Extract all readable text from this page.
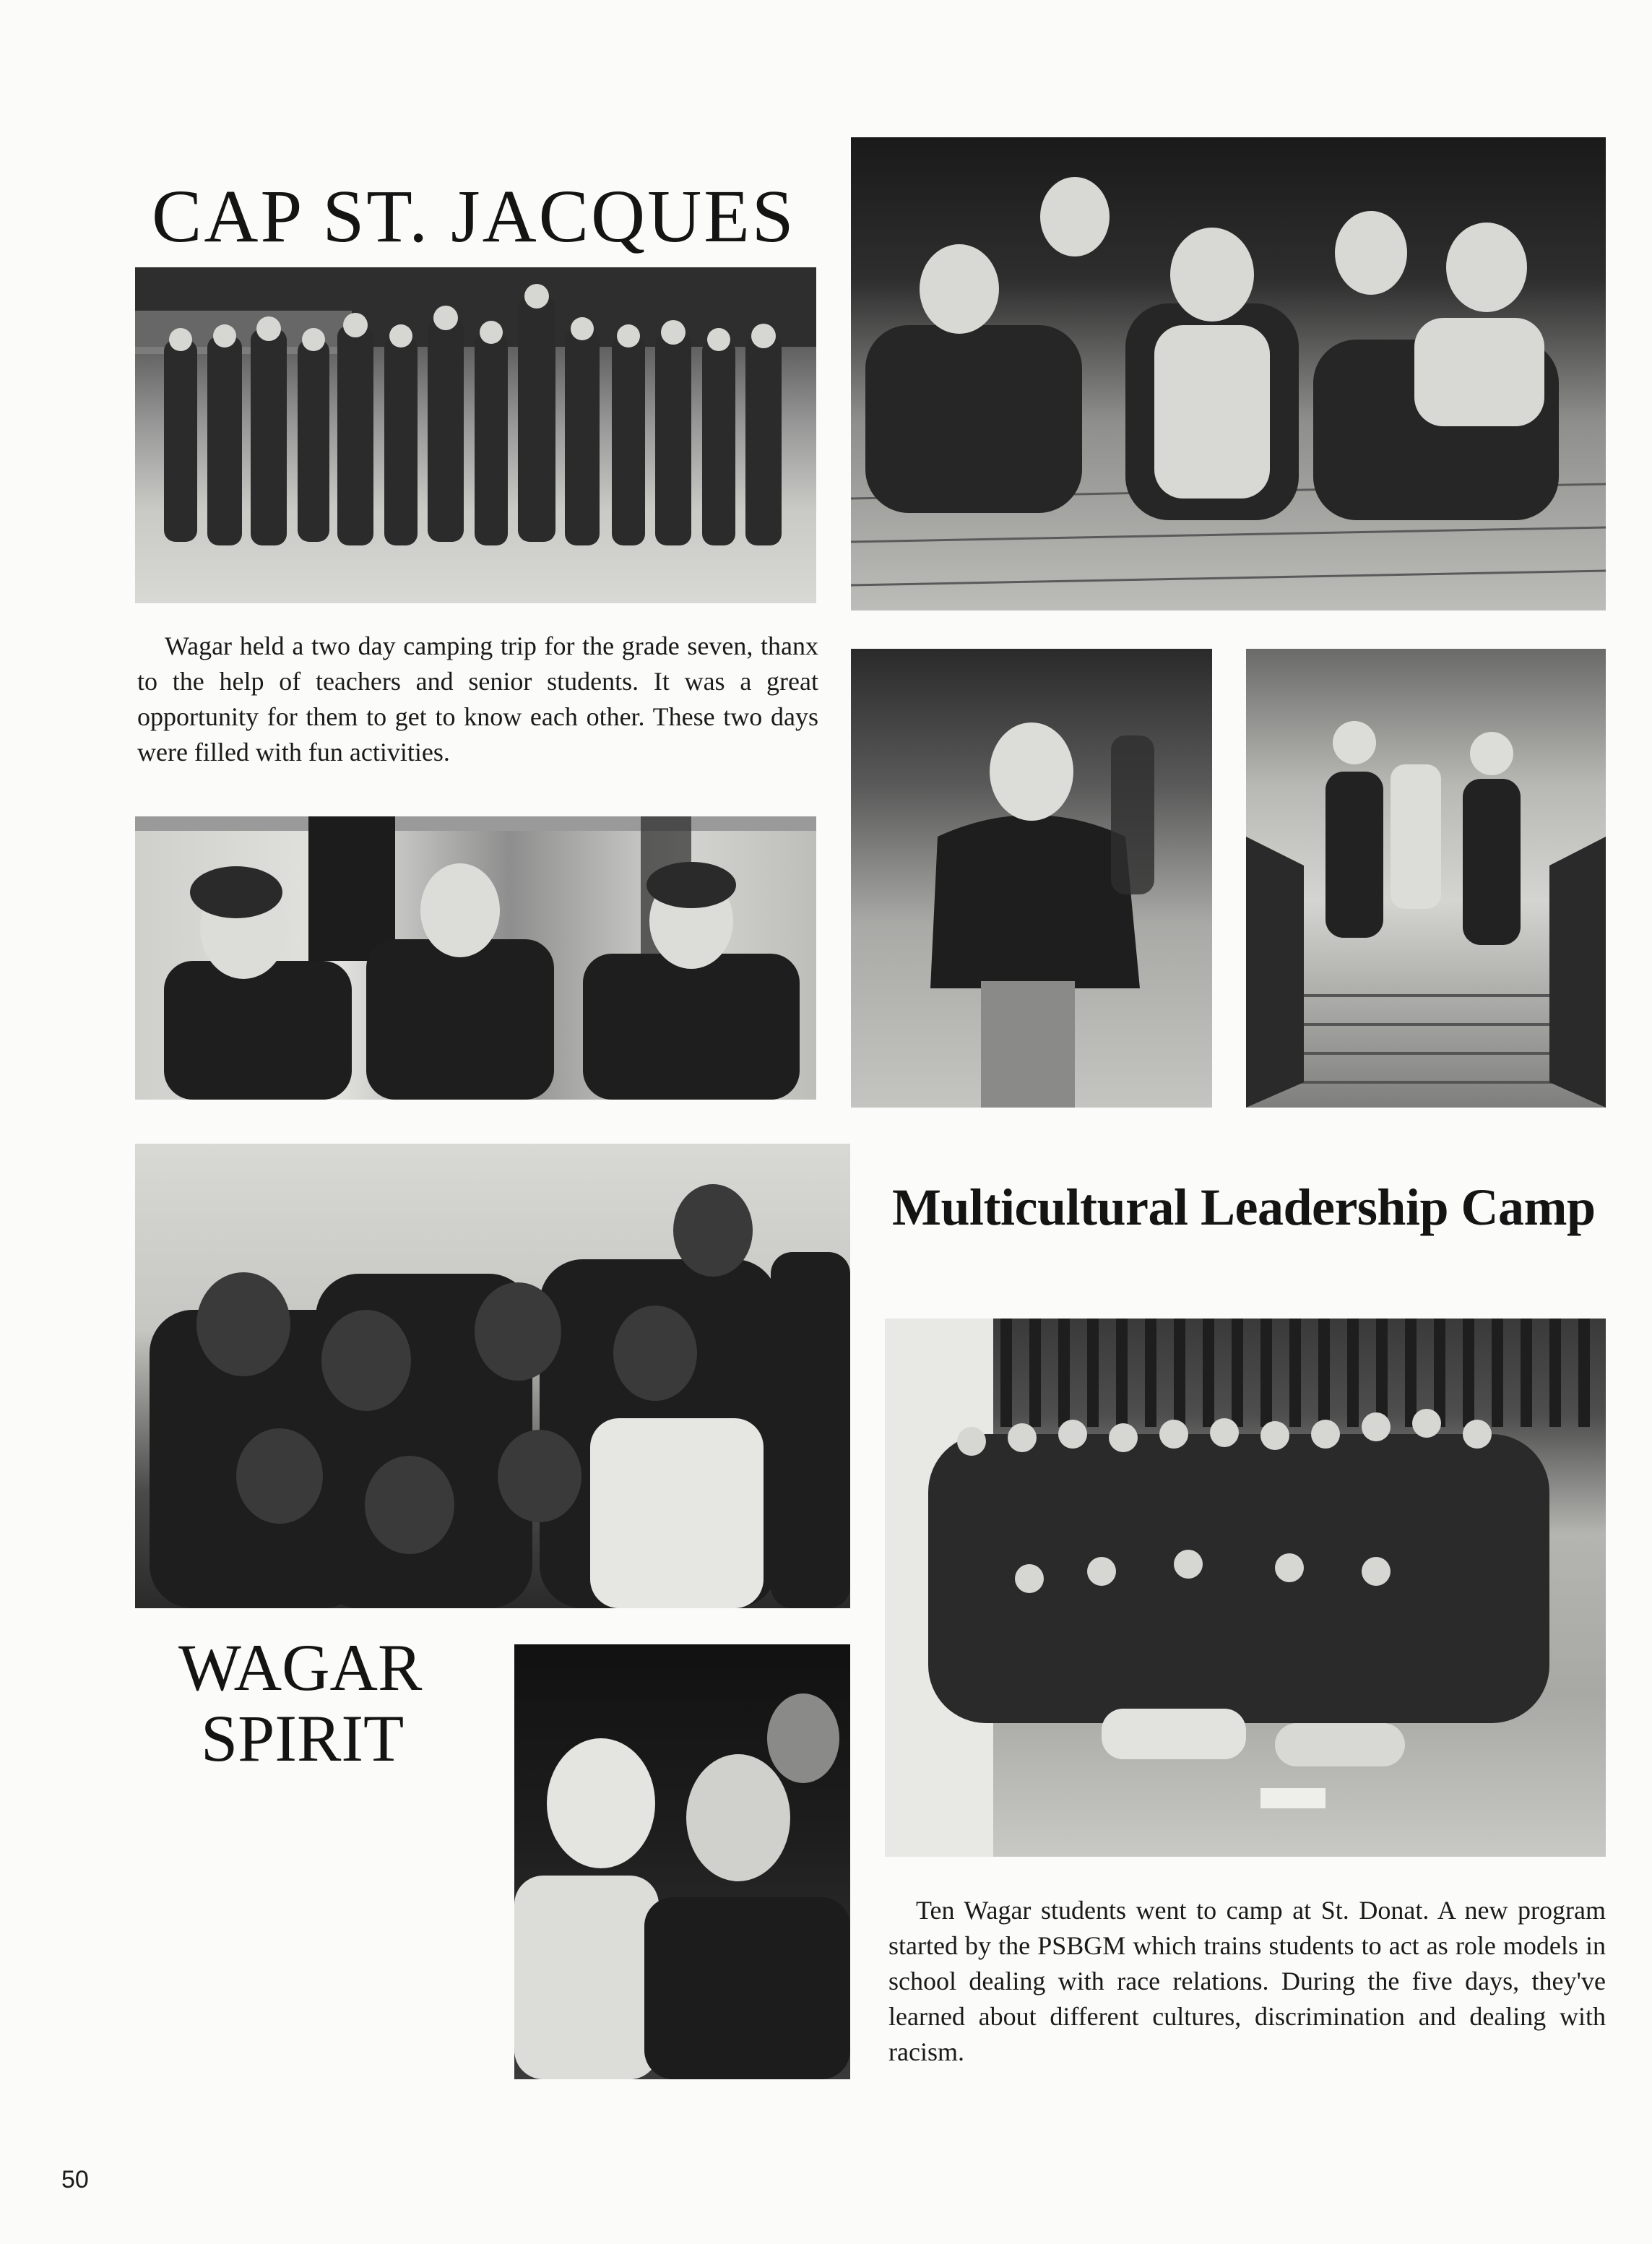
CAP ST. JACQUES

Wagar held a two day camping trip for the grade seven, thanx to the help of teachers and senior students. It was a great opportunity for them to get to know each other. These two days were filled with fun activities.

WAGAR
SPIRIT
Multicultural Leadership Camp

Ten Wagar students went to camp at St. Donat. A new program started by the PSBGM which trains students to act as role models in school dealing with race relations. During the five days, they've learned about different cultures, discrimination and dealing with racism.

50
